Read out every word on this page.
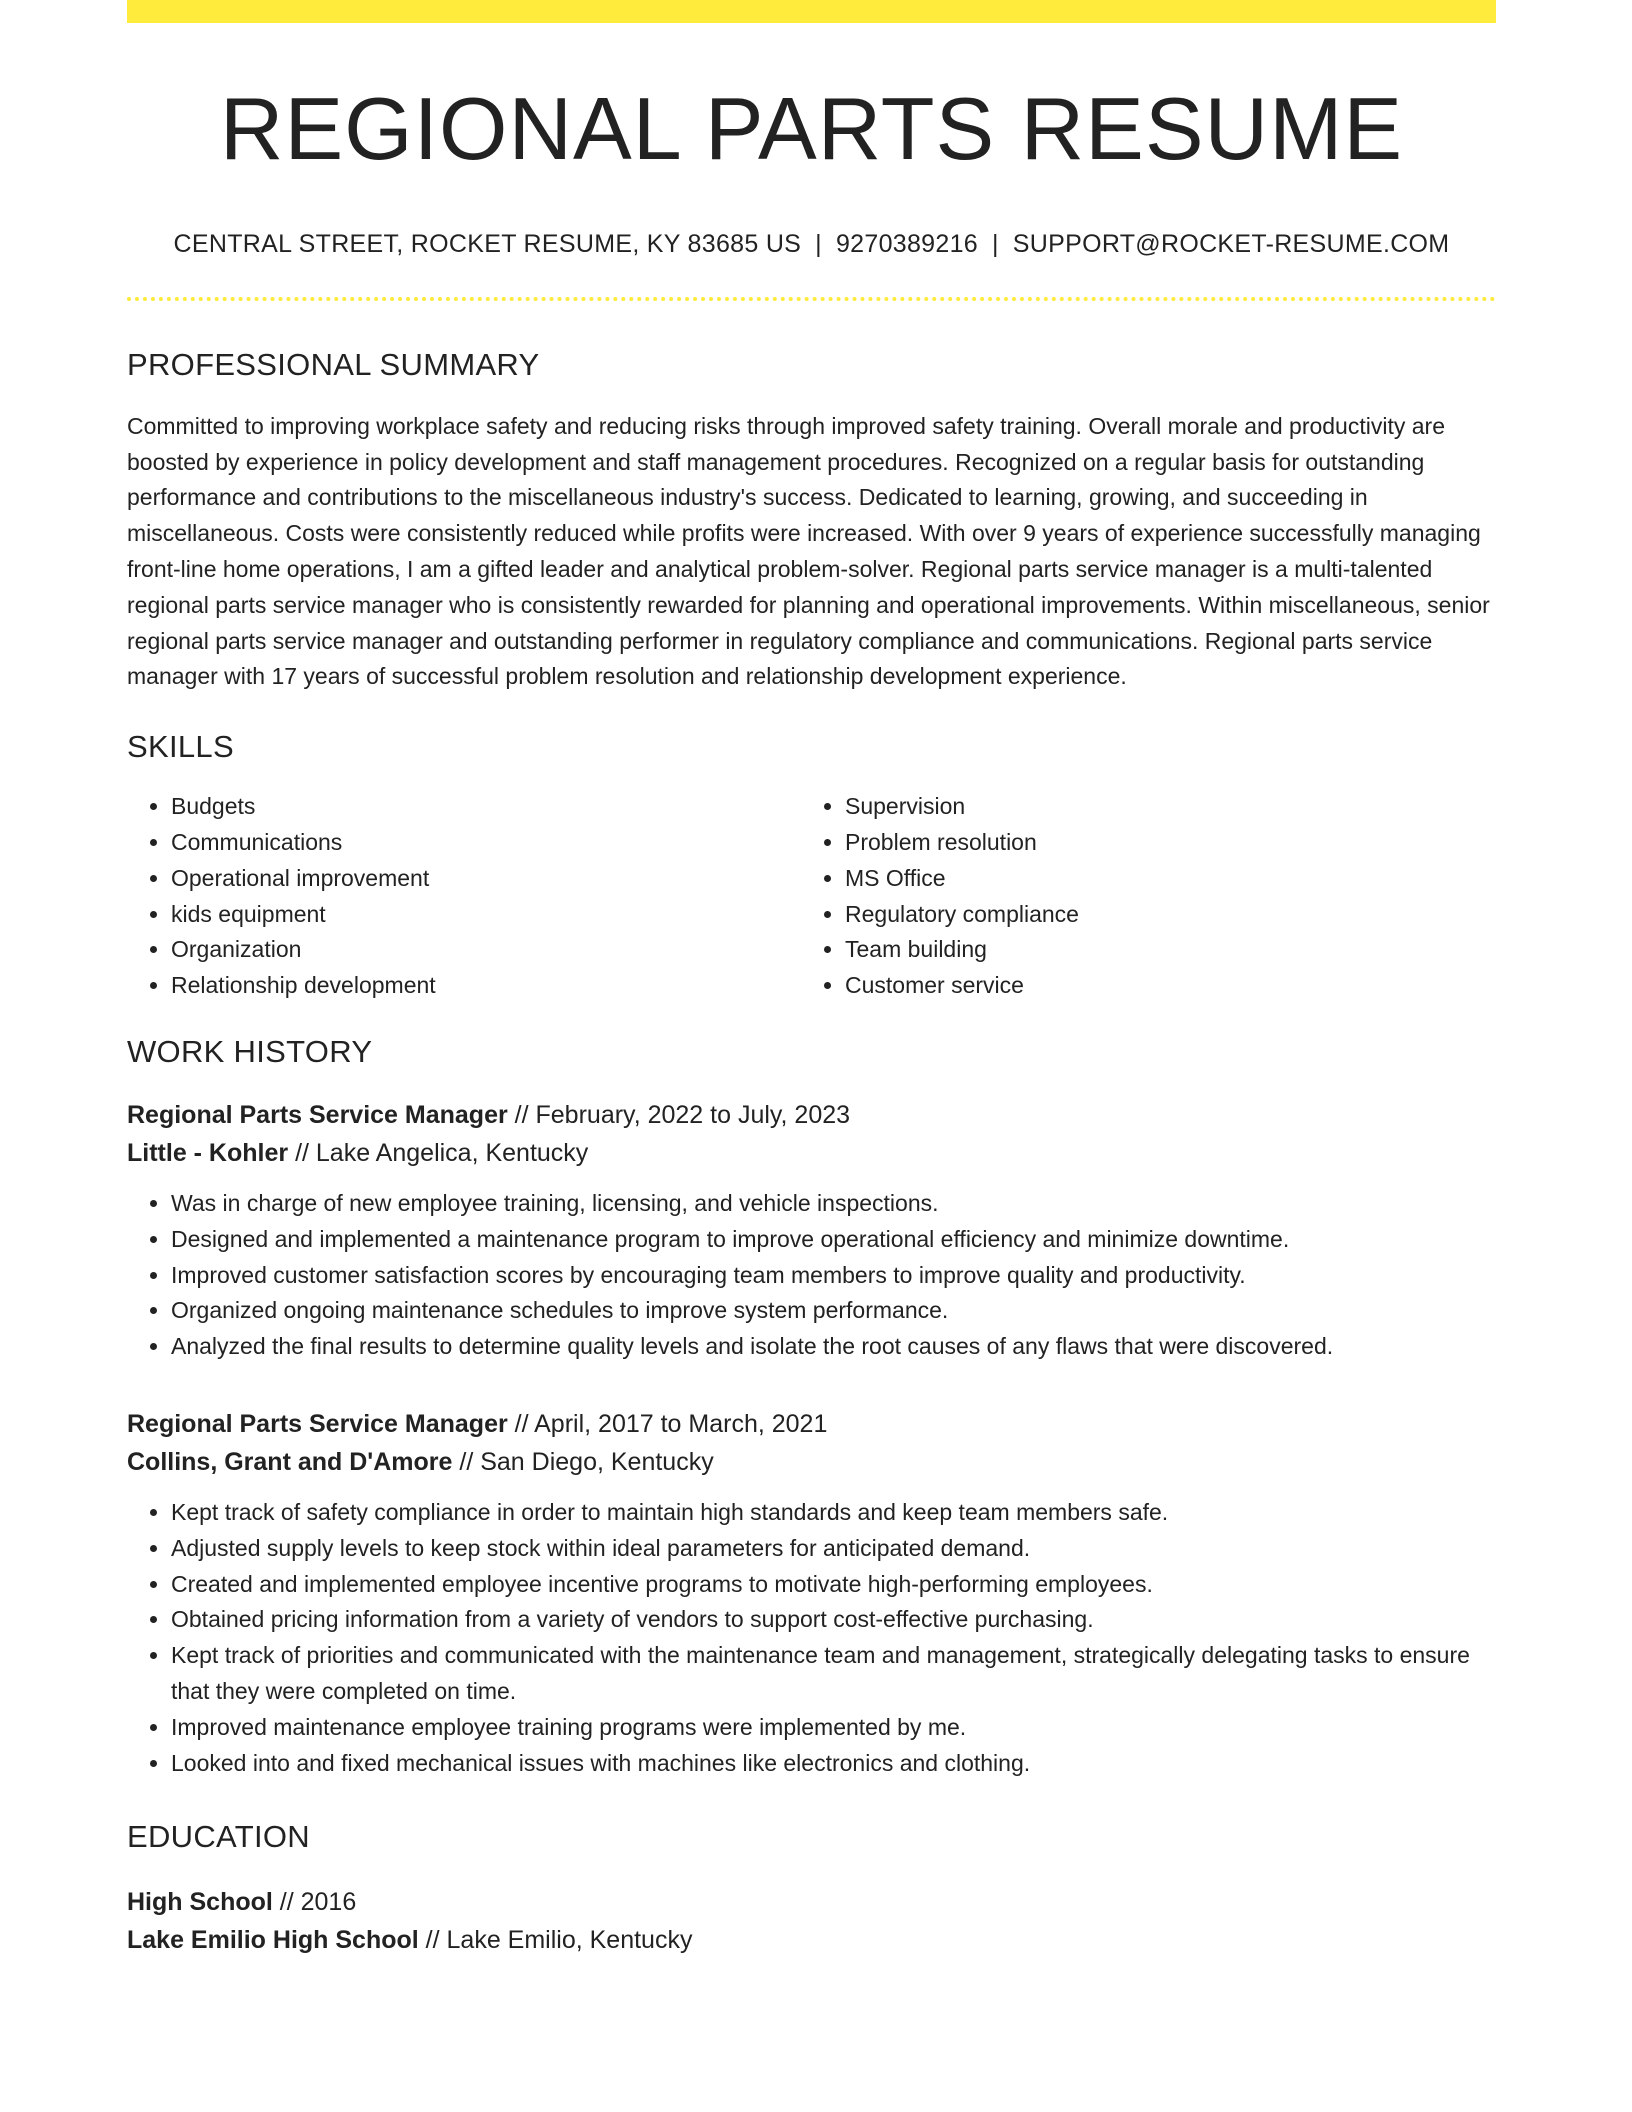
REGIONAL PARTS RESUME
CENTRAL STREET, ROCKET RESUME, KY 83685 US | 9270389216 | SUPPORT@ROCKET-RESUME.COM
PROFESSIONAL SUMMARY
Committed to improving workplace safety and reducing risks through improved safety training. Overall morale and productivity are boosted by experience in policy development and staff management procedures. Recognized on a regular basis for outstanding performance and contributions to the miscellaneous industry's success. Dedicated to learning, growing, and succeeding in miscellaneous. Costs were consistently reduced while profits were increased. With over 9 years of experience successfully managing front-line home operations, I am a gifted leader and analytical problem-solver. Regional parts service manager is a multi-talented regional parts service manager who is consistently rewarded for planning and operational improvements. Within miscellaneous, senior regional parts service manager and outstanding performer in regulatory compliance and communications. Regional parts service manager with 17 years of successful problem resolution and relationship development experience.
SKILLS
• Budgets
• Communications
• Operational improvement
• kids equipment
• Organization
• Relationship development
• Supervision
• Problem resolution
• MS Office
• Regulatory compliance
• Team building
• Customer service
WORK HISTORY
Regional Parts Service Manager // February, 2022 to July, 2023
Little - Kohler // Lake Angelica, Kentucky
• Was in charge of new employee training, licensing, and vehicle inspections.
• Designed and implemented a maintenance program to improve operational efficiency and minimize downtime.
• Improved customer satisfaction scores by encouraging team members to improve quality and productivity.
• Organized ongoing maintenance schedules to improve system performance.
• Analyzed the final results to determine quality levels and isolate the root causes of any flaws that were discovered.
Regional Parts Service Manager // April, 2017 to March, 2021
Collins, Grant and D'Amore // San Diego, Kentucky
• Kept track of safety compliance in order to maintain high standards and keep team members safe.
• Adjusted supply levels to keep stock within ideal parameters for anticipated demand.
• Created and implemented employee incentive programs to motivate high-performing employees.
• Obtained pricing information from a variety of vendors to support cost-effective purchasing.
• Kept track of priorities and communicated with the maintenance team and management, strategically delegating tasks to ensure that they were completed on time.
• Improved maintenance employee training programs were implemented by me.
• Looked into and fixed mechanical issues with machines like electronics and clothing.
EDUCATION
High School // 2016
Lake Emilio High School // Lake Emilio, Kentucky
